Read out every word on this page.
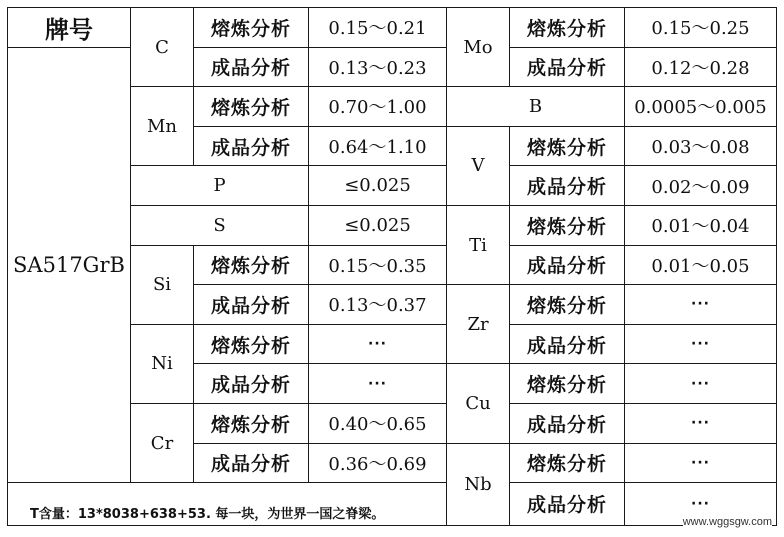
牌号	C	熔炼分析	0.15～0.21	Mo	熔炼分析	0.15～0.25
SA517GrB		成品分析	0.13～0.23		成品分析	0.12～0.28
	Mn	熔炼分析	0.70～1.00	B		0.0005～0.005
		成品分析	0.64～1.10	V	熔炼分析	0.03～0.08
	P		≤0.025		成品分析	0.02～0.09
	S		≤0.025	Ti	熔炼分析	0.01～0.04
	Si	熔炼分析	0.15～0.35		成品分析	0.01～0.05
		成品分析	0.13～0.37	Zr	熔炼分析	···
	Ni	熔炼分析	···		成品分析	···
		成品分析	···	Cu	熔炼分析	···
	Cr	熔炼分析	0.40～0.65		成品分析	···
		成品分析	0.36～0.69	Nb	熔炼分析	···
T含量：13*8038+638+53. 每一块，为世界一国之脊梁。					成品分析	···
www.wggsgw.com
